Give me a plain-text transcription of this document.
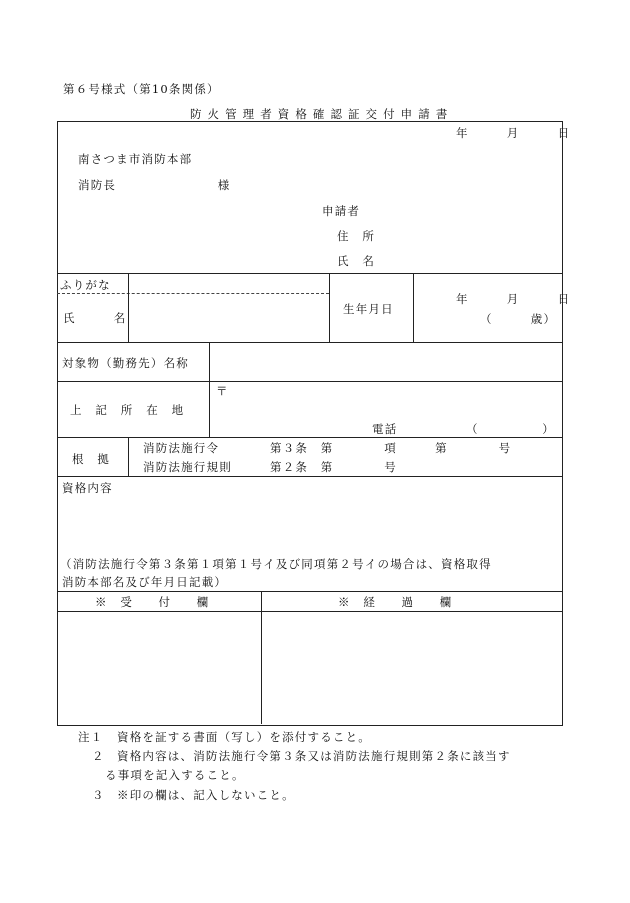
第６号様式（第10条関係）
防 火 管 理 者 資 格 確 認 証 交 付 申 請 書
年　　　月　　　日
南さつま市消防本部
消防長　　　　　　　　様
申請者
住　所
氏　名
ふりがな
氏　　　名
生年月日
年　　　月　　　日
（　　　歳）
対象物（勤務先）名称
上　記　所　在　地
〒
電話	（　　　　　）
根　拠
消防法施行令　　　　第３条　第　　　　項　　　第　　　　号
消防法施行規則　　　第２条　第　　　　号
資格内容
（消防法施行令第３条第１項第１号イ及び同項第２号イの場合は、資格取得
消防本部名及び年月日記載）
※　受　　付　　欄	※　経　　過　　欄
注１ 資格を証する書面（写し）を添付すること。
２ 資格内容は、消防法施行令第３条又は消防法施行規則第２条に該当す
る事項を記入すること。
３ ※印の欄は、記入しないこと。
